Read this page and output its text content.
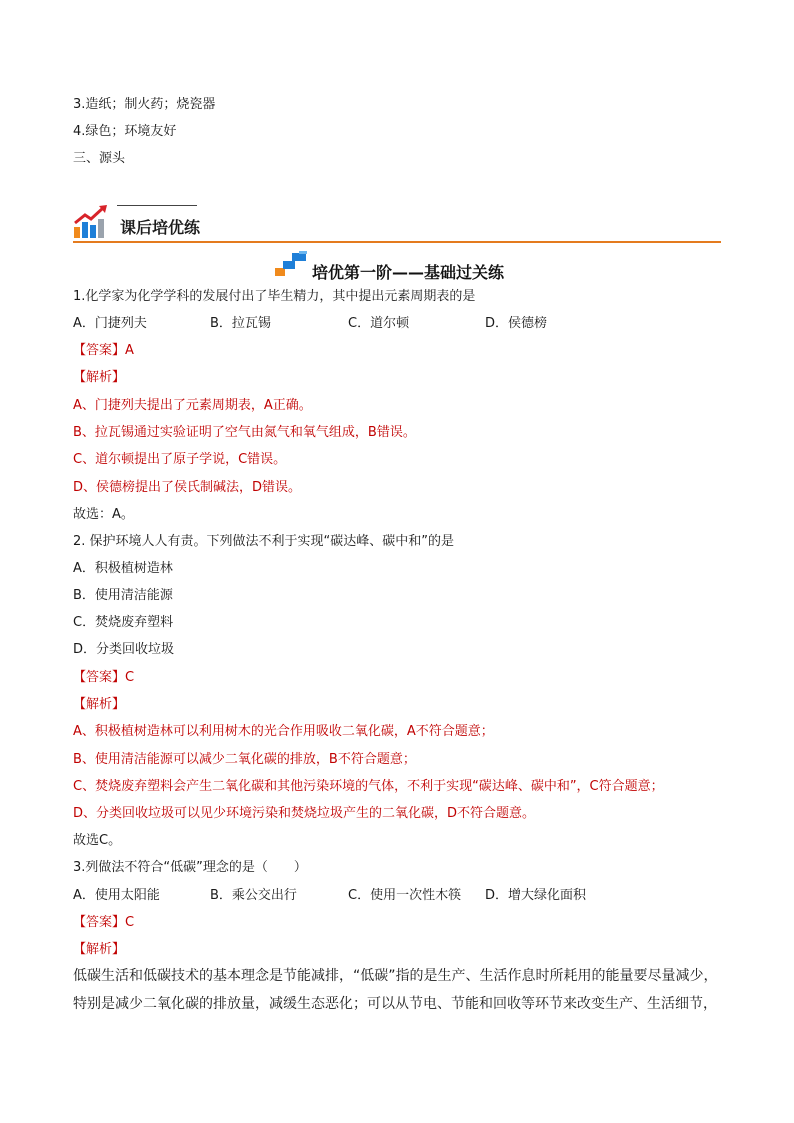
3.造纸；制火药；烧瓷器
4.绿色；环境友好
三、源头
课后培优练
培优第一阶——基础过关练
1.化学家为化学学科的发展付出了毕生精力，其中提出元素周期表的是
A．门捷列夫	B．拉瓦锡	C．道尔顿	D．侯德榜
【答案】A
【解析】
A、门捷列夫提出了元素周期表，A正确。
B、拉瓦锡通过实验证明了空气由氮气和氧气组成，B错误。
C、道尔顿提出了原子学说，C错误。
D、侯德榜提出了侯氏制碱法，D错误。
故选：A。
2. 保护环境人人有责。下列做法不利于实现“碳达峰、碳中和”的是
A．积极植树造林
B．使用清洁能源
C．焚烧废弃塑料
D．分类回收垃圾
【答案】C
【解析】
A、积极植树造林可以利用树木的光合作用吸收二氧化碳，A不符合题意；
B、使用清洁能源可以减少二氧化碳的排放，B不符合题意；
C、焚烧废弃塑料会产生二氧化碳和其他污染环境的气体，不利于实现“碳达峰、碳中和”，C符合题意；
D、分类回收垃圾可以见少环境污染和焚烧垃圾产生的二氧化碳，D不符合题意。
故选C。
3.列做法不符合“低碳”理念的是（　　）
A．使用太阳能	B．乘公交出行	C．使用一次性木筷 D．增大绿化面积
【答案】C
【解析】
低碳生活和低碳技术的基本理念是节能减排，“低碳”指的是生产、生活作息时所耗用的能量要尽量减少，特别是减少二氧化碳的排放量，减缓生态恶化；可以从节电、节能和回收等环节来改变生产、生活细节，
